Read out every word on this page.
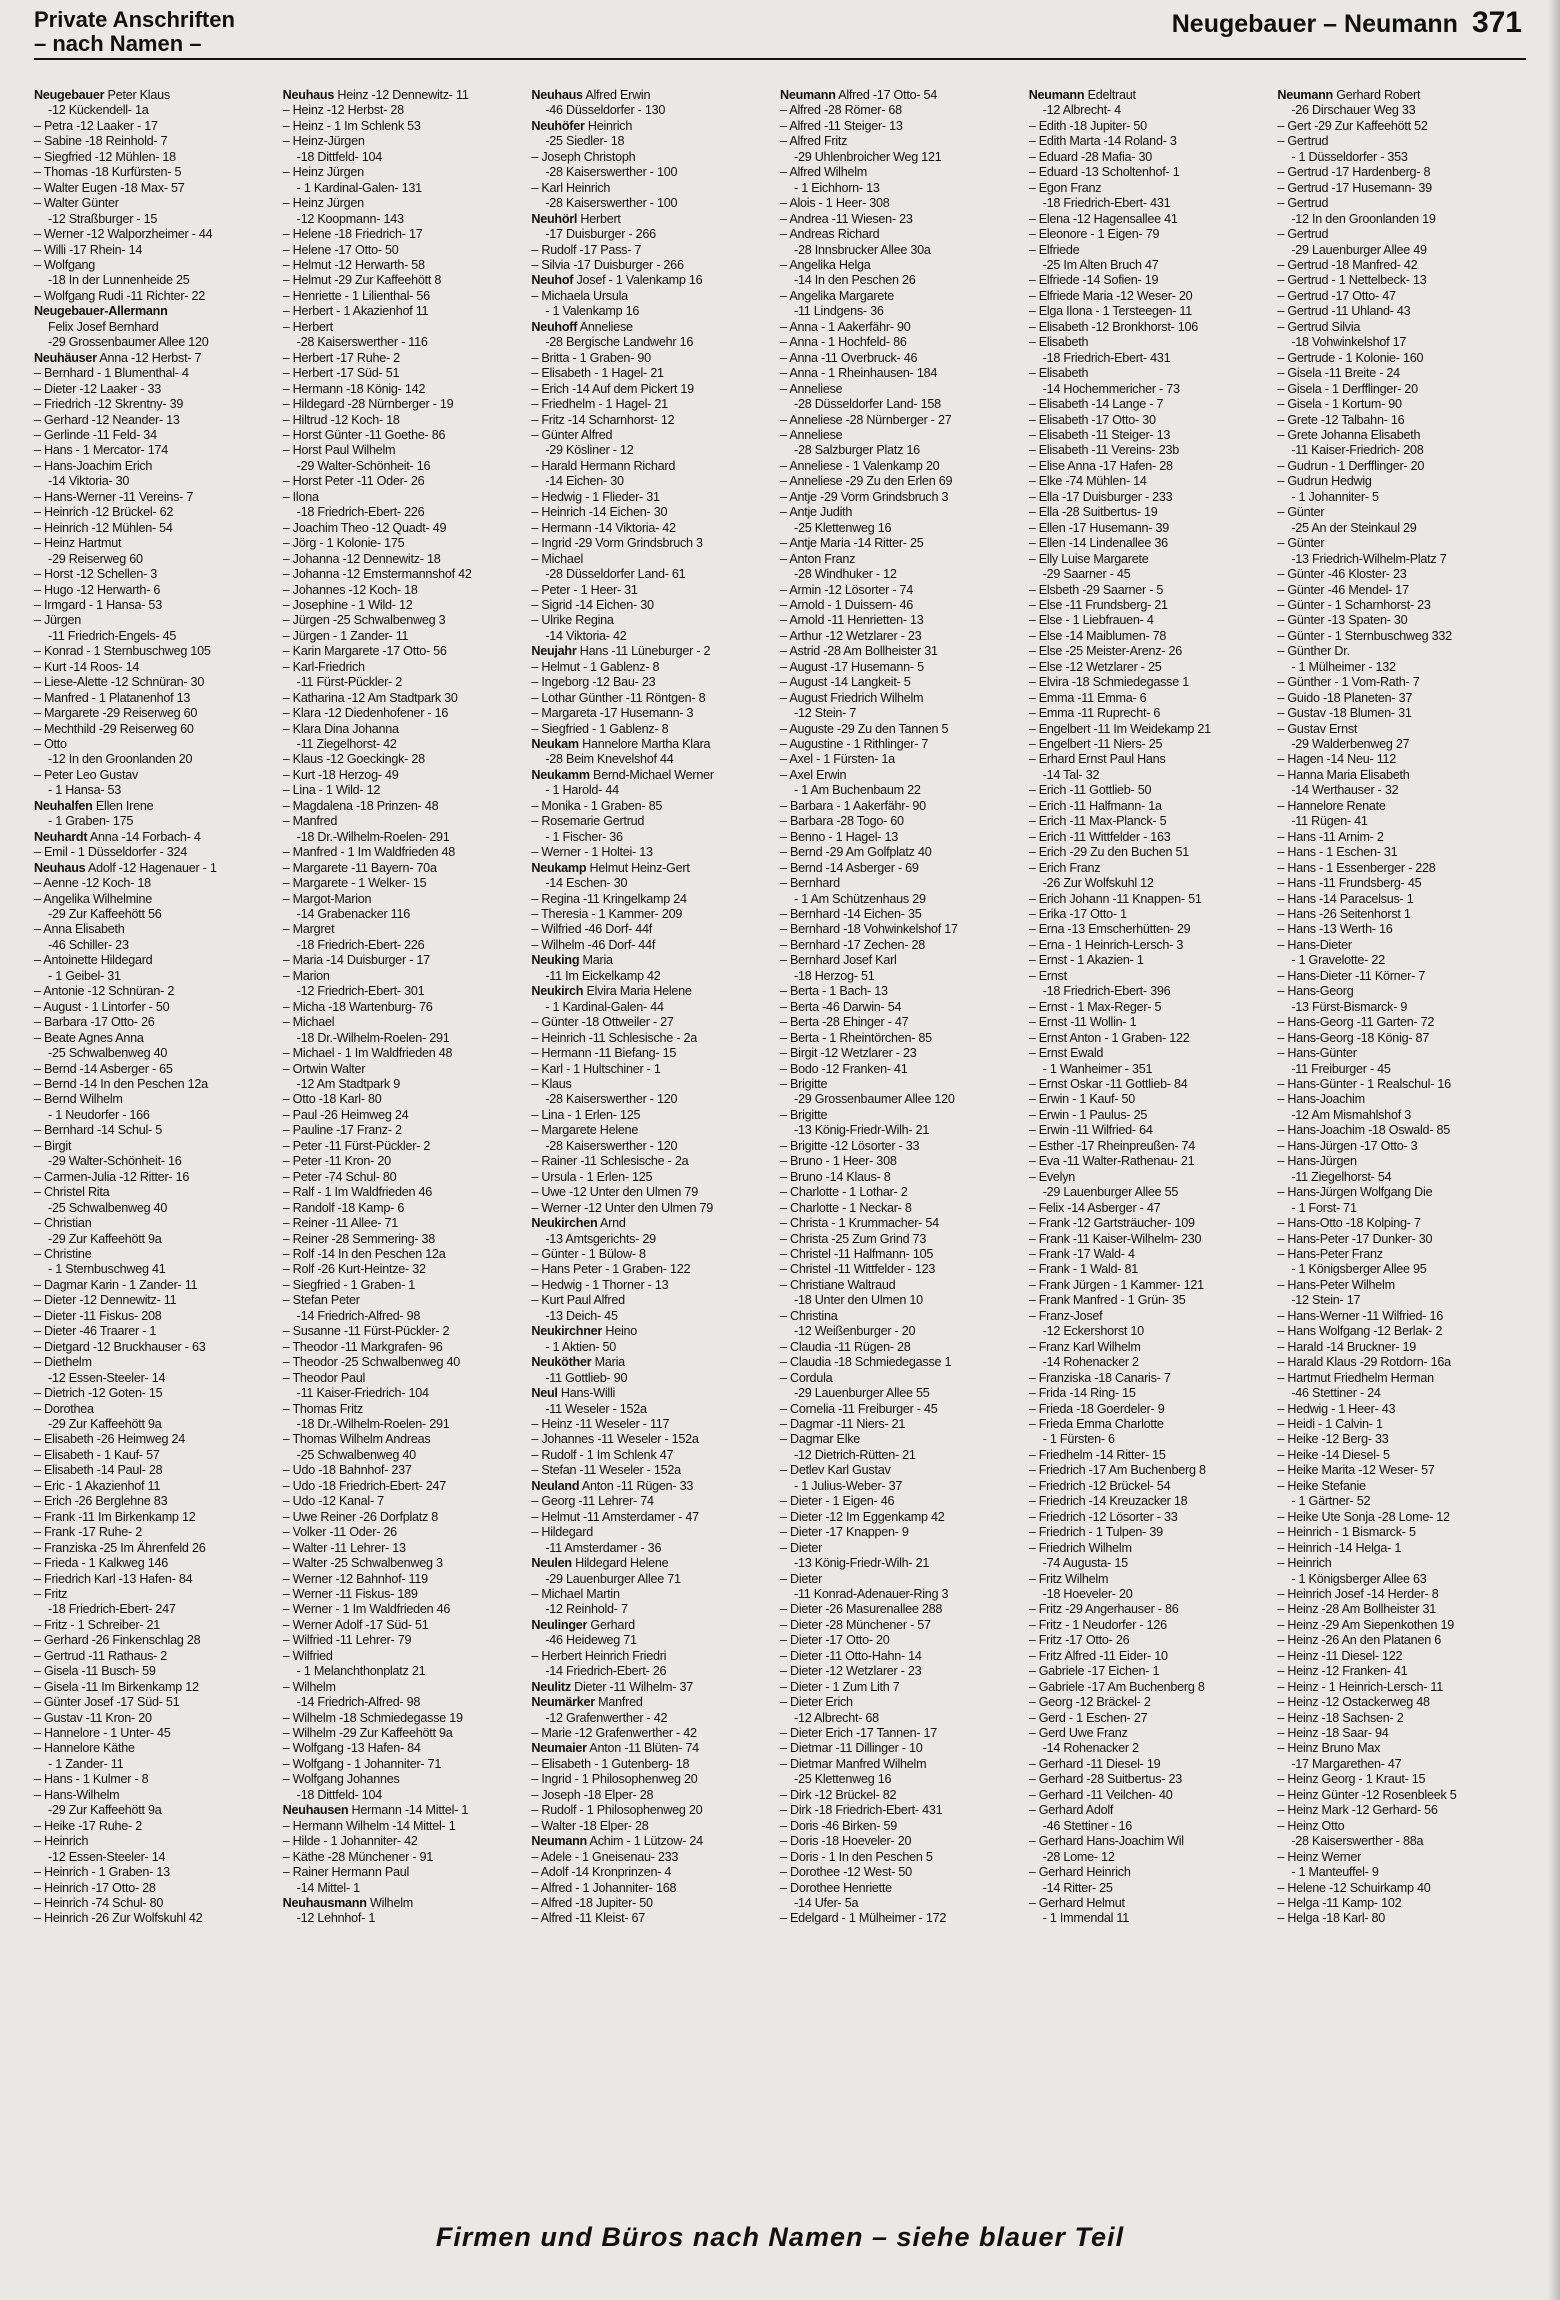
Private Anschriften
– nach Namen –
Neugebauer – Neumann 371
Neugebauer Peter Klaus
-12 Kückendell- 1a
– Petra -12 Laaker - 17
– Sabine -18 Reinhold- 7
– Siegfried -12 Mühlen- 18
– Thomas -18 Kurfürsten- 5
– Walter Eugen -18 Max- 57
– Walter Günter
-12 Straßburger - 15
– Werner -12 Walporzheimer - 44
– Willi -17 Rhein- 14
– Wolfgang
-18 In der Lunnenheide 25
– Wolfgang Rudi -11 Richter- 22
Neugebauer-Allermann
Felix Josef Bernhard
-29 Grossenbaumer Allee 120
Neuhäuser Anna -12 Herbst- 7
– Bernhard - 1 Blumenthal- 4
– Dieter -12 Laaker - 33
– Friedrich -12 Skrentny- 39
– Gerhard -12 Neander- 13
– Gerlinde -11 Feld- 34
– Hans - 1 Mercator- 174
– Hans-Joachim Erich
-14 Viktoria- 30
– Hans-Werner -11 Vereins- 7
– Heinrich -12 Brückel- 62
– Heinrich -12 Mühlen- 54
– Heinz Hartmut
-29 Reiserweg 60
– Horst -12 Schellen- 3
– Hugo -12 Herwarth- 6
– Irmgard - 1 Hansa- 53
– Jürgen
-11 Friedrich-Engels- 45
– Konrad - 1 Sternbuschweg 105
– Kurt -14 Roos- 14
– Liese-Alette -12 Schnüran- 30
– Manfred - 1 Platanenhof 13
– Margarete -29 Reiserweg 60
– Mechthild -29 Reiserweg 60
– Otto
-12 In den Groonlanden 20
– Peter Leo Gustav
- 1 Hansa- 53
Neuhalfen Ellen Irene
- 1 Graben- 175
Neuhardt Anna -14 Forbach- 4
– Emil - 1 Düsseldorfer - 324
Neuhaus Adolf -12 Hagenauer - 1
– Aenne -12 Koch- 18
– Angelika Wilhelmine
-29 Zur Kaffeehött 56
– Anna Elisabeth
-46 Schiller- 23
– Antoinette Hildegard
- 1 Geibel- 31
– Antonie -12 Schnüran- 2
– August - 1 Lintorfer - 50
– Barbara -17 Otto- 26
– Beate Agnes Anna
-25 Schwalbenweg 40
– Bernd -14 Asberger - 65
– Bernd -14 In den Peschen 12a
– Bernd Wilhelm
- 1 Neudorfer - 166
– Bernhard -14 Schul- 5
– Birgit
-29 Walter-Schönheit- 16
– Carmen-Julia -12 Ritter- 16
– Christel Rita
-25 Schwalbenweg 40
– Christian
-29 Zur Kaffeehött 9a
– Christine
- 1 Sternbuschweg 41
– Dagmar Karin - 1 Zander- 11
– Dieter -12 Dennewitz- 11
– Dieter -11 Fiskus- 208
– Dieter -46 Traarer - 1
– Dietgard -12 Bruckhauser - 63
– Diethelm
-12 Essen-Steeler- 14
– Dietrich -12 Goten- 15
– Dorothea
-29 Zur Kaffeehött 9a
– Elisabeth -26 Heimweg 24
– Elisabeth - 1 Kauf- 57
– Elisabeth -14 Paul- 28
– Eric - 1 Akazienhof 11
– Erich -26 Berglehne 83
– Frank -11 Im Birkenkamp 12
– Frank -17 Ruhe- 2
– Franziska -25 Im Ährenfeld 26
– Frieda - 1 Kalkweg 146
– Friedrich Karl -13 Hafen- 84
– Fritz
-18 Friedrich-Ebert- 247
– Fritz - 1 Schreiber- 21
– Gerhard -26 Finkenschlag 28
– Gertrud -11 Rathaus- 2
– Gisela -11 Busch- 59
– Gisela -11 Im Birkenkamp 12
– Günter Josef -17 Süd- 51
– Gustav -11 Kron- 20
– Hannelore - 1 Unter- 45
– Hannelore Käthe
- 1 Zander- 11
– Hans - 1 Kulmer - 8
– Hans-Wilhelm
-29 Zur Kaffeehött 9a
– Heike -17 Ruhe- 2
– Heinrich
-12 Essen-Steeler- 14
– Heinrich - 1 Graben- 13
– Heinrich -17 Otto- 28
– Heinrich -74 Schul- 80
– Heinrich -26 Zur Wolfskuhl 42
Neuhaus Heinz -12 Dennewitz- 11
– Heinz -12 Herbst- 28
– Heinz - 1 Im Schlenk 53
– Heinz-Jürgen
-18 Dittfeld- 104
– Heinz Jürgen
- 1 Kardinal-Galen- 131
– Heinz Jürgen
-12 Koopmann- 143
– Helene -18 Friedrich- 17
– Helene -17 Otto- 50
– Helmut -12 Herwarth- 58
– Helmut -29 Zur Kaffeehött 8
– Henriette - 1 Lilienthal- 56
– Herbert - 1 Akazienhof 11
– Herbert
-28 Kaiserswerther - 116
– Herbert -17 Ruhe- 2
– Herbert -17 Süd- 51
– Hermann -18 König- 142
– Hildegard -28 Nürnberger - 19
– Hiltrud -12 Koch- 18
– Horst Günter -11 Goethe- 86
– Horst Paul Wilhelm
-29 Walter-Schönheit- 16
– Horst Peter -11 Oder- 26
– Ilona
-18 Friedrich-Ebert- 226
– Joachim Theo -12 Quadt- 49
– Jörg - 1 Kolonie- 175
– Johanna -12 Dennewitz- 18
– Johanna -12 Emstermannshof 42
– Johannes -12 Koch- 18
– Josephine - 1 Wild- 12
– Jürgen -25 Schwalbenweg 3
– Jürgen - 1 Zander- 11
– Karin Margarete -17 Otto- 56
– Karl-Friedrich
-11 Fürst-Pückler- 2
– Katharina -12 Am Stadtpark 30
– Klara -12 Diedenhofener - 16
– Klara Dina Johanna
-11 Ziegelhorst- 42
– Klaus -12 Goeckingk- 28
– Kurt -18 Herzog- 49
– Lina - 1 Wild- 12
– Magdalena -18 Prinzen- 48
– Manfred
-18 Dr.-Wilhelm-Roelen- 291
– Manfred - 1 Im Waldfrieden 48
– Margarete -11 Bayern- 70a
– Margarete - 1 Welker- 15
– Margot-Marion
-14 Grabenacker 116
– Margret
-18 Friedrich-Ebert- 226
– Maria -14 Duisburger - 17
– Marion
-12 Friedrich-Ebert- 301
– Micha -18 Wartenburg- 76
– Michael
-18 Dr.-Wilhelm-Roelen- 291
– Michael - 1 Im Waldfrieden 48
– Ortwin Walter
-12 Am Stadtpark 9
– Otto -18 Karl- 80
– Paul -26 Heimweg 24
– Pauline -17 Franz- 2
– Peter -11 Fürst-Pückler- 2
– Peter -11 Kron- 20
– Peter -74 Schul- 80
– Ralf - 1 Im Waldfrieden 46
– Randolf -18 Kamp- 6
– Reiner -11 Allee- 71
– Reiner -28 Semmering- 38
– Rolf -14 In den Peschen 12a
– Rolf -26 Kurt-Heintze- 32
– Siegfried - 1 Graben- 1
– Stefan Peter
-14 Friedrich-Alfred- 98
– Susanne -11 Fürst-Pückler- 2
– Theodor -11 Markgrafen- 96
– Theodor -25 Schwalbenweg 40
– Theodor Paul
-11 Kaiser-Friedrich- 104
– Thomas Fritz
-18 Dr.-Wilhelm-Roelen- 291
– Thomas Wilhelm Andreas
-25 Schwalbenweg 40
– Udo -18 Bahnhof- 237
– Udo -18 Friedrich-Ebert- 247
– Udo -12 Kanal- 7
– Uwe Reiner -26 Dorfplatz 8
– Volker -11 Oder- 26
– Walter -11 Lehrer- 13
– Walter -25 Schwalbenweg 3
– Werner -12 Bahnhof- 119
– Werner -11 Fiskus- 189
– Werner - 1 Im Waldfrieden 46
– Werner Adolf -17 Süd- 51
– Wilfried -11 Lehrer- 79
– Wilfried
- 1 Melanchthonplatz 21
– Wilhelm
-14 Friedrich-Alfred- 98
– Wilhelm -18 Schmiedegasse 19
– Wilhelm -29 Zur Kaffeehött 9a
– Wolfgang -13 Hafen- 84
– Wolfgang - 1 Johanniter- 71
– Wolfgang Johannes
-18 Dittfeld- 104
Neuhausen Hermann -14 Mittel- 1
– Hermann Wilhelm -14 Mittel- 1
– Hilde - 1 Johanniter- 42
– Käthe -28 Münchener - 91
– Rainer Hermann Paul
-14 Mittel- 1
Neuhausmann Wilhelm
-12 Lehnhof- 1
Neuhaus Alfred Erwin
-46 Düsseldorfer - 130
Neuhöfer Heinrich
-25 Siedler- 18
– Joseph Christoph
-28 Kaiserswerther - 100
– Karl Heinrich
-28 Kaiserswerther - 100
Neuhörl Herbert
-17 Duisburger - 266
– Rudolf -17 Pass- 7
– Silvia -17 Duisburger - 266
Neuhof Josef - 1 Valenkamp 16
– Michaela Ursula
- 1 Valenkamp 16
Neuhoff Anneliese
-28 Bergische Landwehr 16
– Britta - 1 Graben- 90
– Elisabeth - 1 Hagel- 21
– Erich -14 Auf dem Pickert 19
– Friedhelm - 1 Hagel- 21
– Fritz -14 Scharnhorst- 12
– Günter Alfred
-29 Kösliner - 12
– Harald Hermann Richard
-14 Eichen- 30
– Hedwig - 1 Flieder- 31
– Heinrich -14 Eichen- 30
– Hermann -14 Viktoria- 42
– Ingrid -29 Vorm Grindsbruch 3
– Michael
-28 Düsseldorfer Land- 61
– Peter - 1 Heer- 31
– Sigrid -14 Eichen- 30
– Ulrike Regina
-14 Viktoria- 42
Neujahr Hans -11 Lüneburger - 2
– Helmut - 1 Gablenz- 8
– Ingeborg -12 Bau- 23
– Lothar Günther -11 Röntgen- 8
– Margareta -17 Husemann- 3
– Siegfried - 1 Gablenz- 8
Neukam Hannelore Martha Klara
-28 Beim Knevelshof 44
Neukamm Bernd-Michael Werner
- 1 Harold- 44
– Monika - 1 Graben- 85
– Rosemarie Gertrud
- 1 Fischer- 36
– Werner - 1 Holtei- 13
Neukamp Helmut Heinz-Gert
-14 Eschen- 30
– Regina -11 Kringelkamp 24
– Theresia - 1 Kammer- 209
– Wilfried -46 Dorf- 44f
– Wilhelm -46 Dorf- 44f
Neuking Maria
-11 Im Eickelkamp 42
Neukirch Elvira Maria Helene
- 1 Kardinal-Galen- 44
– Günter -18 Ottweiler - 27
– Heinrich -11 Schlesische - 2a
– Hermann -11 Biefang- 15
– Karl - 1 Hultschiner - 1
– Klaus
-28 Kaiserswerther - 120
– Lina - 1 Erlen- 125
– Margarete Helene
-28 Kaiserswerther - 120
– Rainer -11 Schlesische - 2a
– Ursula - 1 Erlen- 125
– Uwe -12 Unter den Ulmen 79
– Werner -12 Unter den Ulmen 79
Neukirchen Arnd
-13 Amtsgerichts- 29
– Günter - 1 Bülow- 8
– Hans Peter - 1 Graben- 122
– Hedwig - 1 Thorner - 13
– Kurt Paul Alfred
-13 Deich- 45
Neukirchner Heino
- 1 Aktien- 50
Neuköther Maria
-11 Gottlieb- 90
Neul Hans-Willi
-11 Weseler - 152a
– Heinz -11 Weseler - 117
– Johannes -11 Weseler - 152a
– Rudolf - 1 Im Schlenk 47
– Stefan -11 Weseler - 152a
Neuland Anton -11 Rügen- 33
– Georg -11 Lehrer- 74
– Helmut -11 Amsterdamer - 47
– Hildegard
-11 Amsterdamer - 36
Neulen Hildegard Helene
-29 Lauenburger Allee 71
– Michael Martin
-12 Reinhold- 7
Neulinger Gerhard
-46 Heideweg 71
– Herbert Heinrich Friedri
-14 Friedrich-Ebert- 26
Neulitz Dieter -11 Wilhelm- 37
Neumärker Manfred
-12 Grafenwerther - 42
– Marie -12 Grafenwerther - 42
Neumaier Anton -11 Blüten- 74
– Elisabeth - 1 Gutenberg- 18
– Ingrid - 1 Philosophenweg 20
– Joseph -18 Elper- 28
– Rudolf - 1 Philosophenweg 20
– Walter -18 Elper- 28
Neumann Achim - 1 Lützow- 24
– Adele - 1 Gneisenau- 233
– Adolf -14 Kronprinzen- 4
– Alfred - 1 Johanniter- 168
– Alfred -18 Jupiter- 50
– Alfred -11 Kleist- 67
Neumann Alfred -17 Otto- 54
– Alfred -28 Römer- 68
– Alfred -11 Steiger- 13
– Alfred Fritz
-29 Uhlenbroicher Weg 121
– Alfred Wilhelm
- 1 Eichhorn- 13
– Alois - 1 Heer- 308
– Andrea -11 Wiesen- 23
– Andreas Richard
-28 Innsbrucker Allee 30a
– Angelika Helga
-14 In den Peschen 26
– Angelika Margarete
-11 Lindgens- 36
– Anna - 1 Aakerfähr- 90
– Anna - 1 Hochfeld- 86
– Anna -11 Overbruck- 46
– Anna - 1 Rheinhausen- 184
– Anneliese
-28 Düsseldorfer Land- 158
– Anneliese -28 Nürnberger - 27
– Anneliese
-28 Salzburger Platz 16
– Anneliese - 1 Valenkamp 20
– Anneliese -29 Zu den Erlen 69
– Antje -29 Vorm Grindsbruch 3
– Antje Judith
-25 Klettenweg 16
– Antje Maria -14 Ritter- 25
– Anton Franz
-28 Windhuker - 12
– Armin -12 Lösorter - 74
– Arnold - 1 Duissern- 46
– Arnold -11 Henrietten- 13
– Arthur -12 Wetzlarer - 23
– Astrid -28 Am Bollheister 31
– August -17 Husemann- 5
– August -14 Langkeit- 5
– August Friedrich Wilhelm
-12 Stein- 7
– Auguste -29 Zu den Tannen 5
– Augustine - 1 Rithlinger- 7
– Axel - 1 Fürsten- 1a
– Axel Erwin
- 1 Am Buchenbaum 22
– Barbara - 1 Aakerfähr- 90
– Barbara -28 Togo- 60
– Benno - 1 Hagel- 13
– Bernd -29 Am Golfplatz 40
– Bernd -14 Asberger - 69
– Bernhard
- 1 Am Schützenhaus 29
– Bernhard -14 Eichen- 35
– Bernhard -18 Vohwinkelshof 17
– Bernhard -17 Zechen- 28
– Bernhard Josef Karl
-18 Herzog- 51
– Berta - 1 Bach- 13
– Berta -46 Darwin- 54
– Berta -28 Ehinger - 47
– Berta - 1 Rheintörchen- 85
– Birgit -12 Wetzlarer - 23
– Bodo -12 Franken- 41
– Brigitte
-29 Grossenbaumer Allee 120
– Brigitte
-13 König-Friedr-Wilh- 21
– Brigitte -12 Lösorter - 33
– Bruno - 1 Heer- 308
– Bruno -14 Klaus- 8
– Charlotte - 1 Lothar- 2
– Charlotte - 1 Neckar- 8
– Christa - 1 Krummacher- 54
– Christa -25 Zum Grind 73
– Christel -11 Halfmann- 105
– Christel -11 Wittfelder - 123
– Christiane Waltraud
-18 Unter den Ulmen 10
– Christina
-12 Weißenburger - 20
– Claudia -11 Rügen- 28
– Claudia -18 Schmiedegasse 1
– Cordula
-29 Lauenburger Allee 55
– Cornelia -11 Freiburger - 45
– Dagmar -11 Niers- 21
– Dagmar Elke
-12 Dietrich-Rütten- 21
– Detlev Karl Gustav
- 1 Julius-Weber- 37
– Dieter - 1 Eigen- 46
– Dieter -12 Im Eggenkamp 42
– Dieter -17 Knappen- 9
– Dieter
-13 König-Friedr-Wilh- 21
– Dieter
-11 Konrad-Adenauer-Ring 3
– Dieter -26 Masurenallee 288
– Dieter -28 Münchener - 57
– Dieter -17 Otto- 20
– Dieter -11 Otto-Hahn- 14
– Dieter -12 Wetzlarer - 23
– Dieter - 1 Zum Lith 7
– Dieter Erich
-12 Albrecht- 68
– Dieter Erich -17 Tannen- 17
– Dietmar -11 Dillinger - 10
– Dietmar Manfred Wilhelm
-25 Klettenweg 16
– Dirk -12 Brückel- 82
– Dirk -18 Friedrich-Ebert- 431
– Doris -46 Birken- 59
– Doris -18 Hoeveler- 20
– Doris - 1 In den Peschen 5
– Dorothee -12 West- 50
– Dorothee Henriette
-14 Ufer- 5a
– Edelgard - 1 Mülheimer - 172
Neumann Edeltraut
-12 Albrecht- 4
– Edith -18 Jupiter- 50
– Edith Marta -14 Roland- 3
– Eduard -28 Mafia- 30
– Eduard -13 Scholtenhof- 1
– Egon Franz
-18 Friedrich-Ebert- 431
– Elena -12 Hagensallee 41
– Eleonore - 1 Eigen- 79
– Elfriede
-25 Im Alten Bruch 47
– Elfriede -14 Sofien- 19
– Elfriede Maria -12 Weser- 20
– Elga Ilona - 1 Tersteegen- 11
– Elisabeth -12 Bronkhorst- 106
– Elisabeth
-18 Friedrich-Ebert- 431
– Elisabeth
-14 Hochemmericher - 73
– Elisabeth -14 Lange - 7
– Elisabeth -17 Otto- 30
– Elisabeth -11 Steiger- 13
– Elisabeth -11 Vereins- 23b
– Elise Anna -17 Hafen- 28
– Elke -74 Mühlen- 14
– Ella -17 Duisburger - 233
– Ella -28 Suitbertus- 19
– Ellen -17 Husemann- 39
– Ellen -14 Lindenallee 36
– Elly Luise Margarete
-29 Saarner - 45
– Elsbeth -29 Saarner - 5
– Else -11 Frundsberg- 21
– Else - 1 Liebfrauen- 4
– Else -14 Maiblumen- 78
– Else -25 Meister-Arenz- 26
– Else -12 Wetzlarer - 25
– Elvira -18 Schmiedegasse 1
– Emma -11 Emma- 6
– Emma -11 Ruprecht- 6
– Engelbert -11 Im Weidekamp 21
– Engelbert -11 Niers- 25
– Erhard Ernst Paul Hans
-14 Tal- 32
– Erich -11 Gottlieb- 50
– Erich -11 Halfmann- 1a
– Erich -11 Max-Planck- 5
– Erich -11 Wittfelder - 163
– Erich -29 Zu den Buchen 51
– Erich Franz
-26 Zur Wolfskuhl 12
– Erich Johann -11 Knappen- 51
– Erika -17 Otto- 1
– Erna -13 Emscherhütten- 29
– Erna - 1 Heinrich-Lersch- 3
– Ernst - 1 Akazien- 1
– Ernst
-18 Friedrich-Ebert- 396
– Ernst - 1 Max-Reger- 5
– Ernst -11 Wollin- 1
– Ernst Anton - 1 Graben- 122
– Ernst Ewald
- 1 Wanheimer - 351
– Ernst Oskar -11 Gottlieb- 84
– Erwin - 1 Kauf- 50
– Erwin - 1 Paulus- 25
– Erwin -11 Wilfried- 64
– Esther -17 Rheinpreußen- 74
– Eva -11 Walter-Rathenau- 21
– Evelyn
-29 Lauenburger Allee 55
– Felix -14 Asberger - 47
– Frank -12 Gartsträucher- 109
– Frank -11 Kaiser-Wilhelm- 230
– Frank -17 Wald- 4
– Frank - 1 Wald- 81
– Frank Jürgen - 1 Kammer- 121
– Frank Manfred - 1 Grün- 35
– Franz-Josef
-12 Eckershorst 10
– Franz Karl Wilhelm
-14 Rohenacker 2
– Franziska -18 Canaris- 7
– Frida -14 Ring- 15
– Frieda -18 Goerdeler- 9
– Frieda Emma Charlotte
- 1 Fürsten- 6
– Friedhelm -14 Ritter- 15
– Friedrich -17 Am Buchenberg 8
– Friedrich -12 Brückel- 54
– Friedrich -14 Kreuzacker 18
– Friedrich -12 Lösorter - 33
– Friedrich - 1 Tulpen- 39
– Friedrich Wilhelm
-74 Augusta- 15
– Fritz Wilhelm
-18 Hoeveler- 20
– Fritz -29 Angerhauser - 86
– Fritz - 1 Neudorfer - 126
– Fritz -17 Otto- 26
– Fritz Alfred -11 Eider- 10
– Gabriele -17 Eichen- 1
– Gabriele -17 Am Buchenberg 8
– Georg -12 Bräckel- 2
– Gerd - 1 Eschen- 27
– Gerd Uwe Franz
-14 Rohenacker 2
– Gerhard -11 Diesel- 19
– Gerhard -28 Suitbertus- 23
– Gerhard -11 Veilchen- 40
– Gerhard Adolf
-46 Stettiner - 16
– Gerhard Hans-Joachim Wil
-28 Lome- 12
– Gerhard Heinrich
-14 Ritter- 25
– Gerhard Helmut
- 1 Immendal 11
Neumann Gerhard Robert
-26 Dirschauer Weg 33
– Gert -29 Zur Kaffeehött 52
– Gertrud
- 1 Düsseldorfer - 353
– Gertrud -17 Hardenberg- 8
– Gertrud -17 Husemann- 39
– Gertrud
-12 In den Groonlanden 19
– Gertrud
-29 Lauenburger Allee 49
– Gertrud -18 Manfred- 42
– Gertrud - 1 Nettelbeck- 13
– Gertrud -17 Otto- 47
– Gertrud -11 Uhland- 43
– Gertrud Silvia
-18 Vohwinkelshof 17
– Gertrude - 1 Kolonie- 160
– Gisela -11 Breite - 24
– Gisela - 1 Derfflinger- 20
– Gisela - 1 Kortum- 90
– Grete -12 Talbahn- 16
– Grete Johanna Elisabeth
-11 Kaiser-Friedrich- 208
– Gudrun - 1 Derfflinger- 20
– Gudrun Hedwig
- 1 Johanniter- 5
– Günter
-25 An der Steinkaul 29
– Günter
-13 Friedrich-Wilhelm-Platz 7
– Günter -46 Kloster- 23
– Günter -46 Mendel- 17
– Günter - 1 Scharnhorst- 23
– Günter -13 Spaten- 30
– Günter - 1 Sternbuschweg 332
– Günther Dr.
- 1 Mülheimer - 132
– Günther - 1 Vom-Rath- 7
– Guido -18 Planeten- 37
– Gustav -18 Blumen- 31
– Gustav Ernst
-29 Walderbenweg 27
– Hagen -14 Neu- 112
– Hanna Maria Elisabeth
-14 Werthauser - 32
– Hannelore Renate
-11 Rügen- 41
– Hans -11 Arnim- 2
– Hans - 1 Eschen- 31
– Hans - 1 Essenberger - 228
– Hans -11 Frundsberg- 45
– Hans -14 Paracelsus- 1
– Hans -26 Seitenhorst 1
– Hans -13 Werth- 16
– Hans-Dieter
- 1 Gravelotte- 22
– Hans-Dieter -11 Körner- 7
– Hans-Georg
-13 Fürst-Bismarck- 9
– Hans-Georg -11 Garten- 72
– Hans-Georg -18 König- 87
– Hans-Günter
-11 Freiburger - 45
– Hans-Günter - 1 Realschul- 16
– Hans-Joachim
-12 Am Mismahlshof 3
– Hans-Joachim -18 Oswald- 85
– Hans-Jürgen -17 Otto- 3
– Hans-Jürgen
-11 Ziegelhorst- 54
– Hans-Jürgen Wolfgang Die
- 1 Forst- 71
– Hans-Otto -18 Kolping- 7
– Hans-Peter -17 Dunker- 30
– Hans-Peter Franz
- 1 Königsberger Allee 95
– Hans-Peter Wilhelm
-12 Stein- 17
– Hans-Werner -11 Wilfried- 16
– Hans Wolfgang -12 Berlak- 2
– Harald -14 Bruckner- 19
– Harald Klaus -29 Rotdorn- 16a
– Hartmut Friedhelm Herman
-46 Stettiner - 24
– Hedwig - 1 Heer- 43
– Heidi - 1 Calvin- 1
– Heike -12 Berg- 33
– Heike -14 Diesel- 5
– Heike Marita -12 Weser- 57
– Heike Stefanie
- 1 Gärtner- 52
– Heike Ute Sonja -28 Lome- 12
– Heinrich - 1 Bismarck- 5
– Heinrich -14 Helga- 1
– Heinrich
- 1 Königsberger Allee 63
– Heinrich Josef -14 Herder- 8
– Heinz -28 Am Bollheister 31
– Heinz -29 Am Siepenkothen 19
– Heinz -26 An den Platanen 6
– Heinz -11 Diesel- 122
– Heinz -12 Franken- 41
– Heinz - 1 Heinrich-Lersch- 11
– Heinz -12 Ostackerweg 48
– Heinz -18 Sachsen- 2
– Heinz -18 Saar- 94
– Heinz Bruno Max
-17 Margarethen- 47
– Heinz Georg - 1 Kraut- 15
– Heinz Günter -12 Rosenbleek 5
– Heinz Mark -12 Gerhard- 56
– Heinz Otto
-28 Kaiserswerther - 88a
– Heinz Werner
- 1 Manteuffel- 9
– Helene -12 Schuirkamp 40
– Helga -11 Kamp- 102
– Helga -18 Karl- 80
Firmen und Büros nach Namen – siehe blauer Teil
